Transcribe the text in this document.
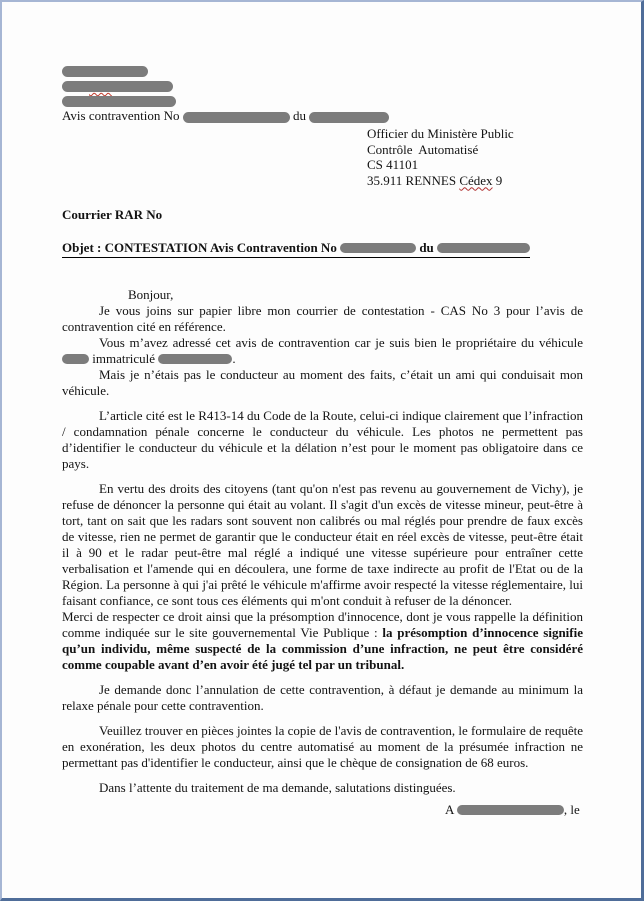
Avis contravention No	du
Officier du Ministère Public
Contrôle  Automatisé
CS 41101
35.911 RENNES Cédex 9
Courrier RAR No
Objet : CONTESTATION Avis Contravention No	du
Bonjour,

Je vous joins sur papier libre mon courrier de contestation - CAS No 3 pour l’avis de contravention cité en référence.

Vous m’avez adressé cet avis de contravention car je suis bien le propriétaire du véhicule  immatriculé	.

Mais je n’étais pas le conducteur au moment des faits, c’était un ami qui conduisait mon véhicule.

L’article cité est le R413-14 du Code de la Route, celui-ci indique clairement que l’infraction / condamnation pénale concerne le conducteur du véhicule. Les photos ne permettent pas d’identifier le conducteur du véhicule et la délation n’est pour le moment pas obligatoire dans ce pays.

En vertu des droits des citoyens (tant qu'on n'est pas revenu au gouvernement de Vichy), je refuse de dénoncer la personne qui était au volant. Il s'agit d'un excès de vitesse mineur, peut-être à tort, tant on sait que les radars sont souvent non calibrés ou mal réglés pour prendre de faux excès de vitesse, rien ne permet de garantir que le conducteur était en réel excès de vitesse, peut-être était il à 90 et le radar peut-être mal réglé a indiqué une vitesse supérieure pour entraîner cette verbalisation et l'amende qui en découlera, une forme de taxe indirecte au profit de l'Etat ou de la Région. La personne à qui j'ai prêté le véhicule m'affirme avoir respecté la vitesse réglementaire, lui faisant confiance, ce sont tous ces éléments qui m'ont conduit à refuser de la dénoncer.

Merci de respecter ce droit ainsi que la présomption d'innocence, dont je vous rappelle la définition comme indiquée sur le site gouvernemental Vie Publique : la présomption d’innocence signifie qu’un individu, même suspecté de la commission d’une infraction, ne peut être considéré comme coupable avant d’en avoir été jugé tel par un tribunal.

Je demande donc l’annulation de cette contravention, à défaut je demande au minimum la relaxe pénale pour cette contravention.

Veuillez trouver en pièces jointes la copie de l'avis de contravention, le formulaire de requête en exonération, les deux photos du centre automatisé au moment de la présumée infraction ne permettant pas d'identifier le conducteur, ainsi que le chèque de consignation de 68 euros.

Dans l’attente du traitement de ma demande, salutations distinguées.

A	, le
